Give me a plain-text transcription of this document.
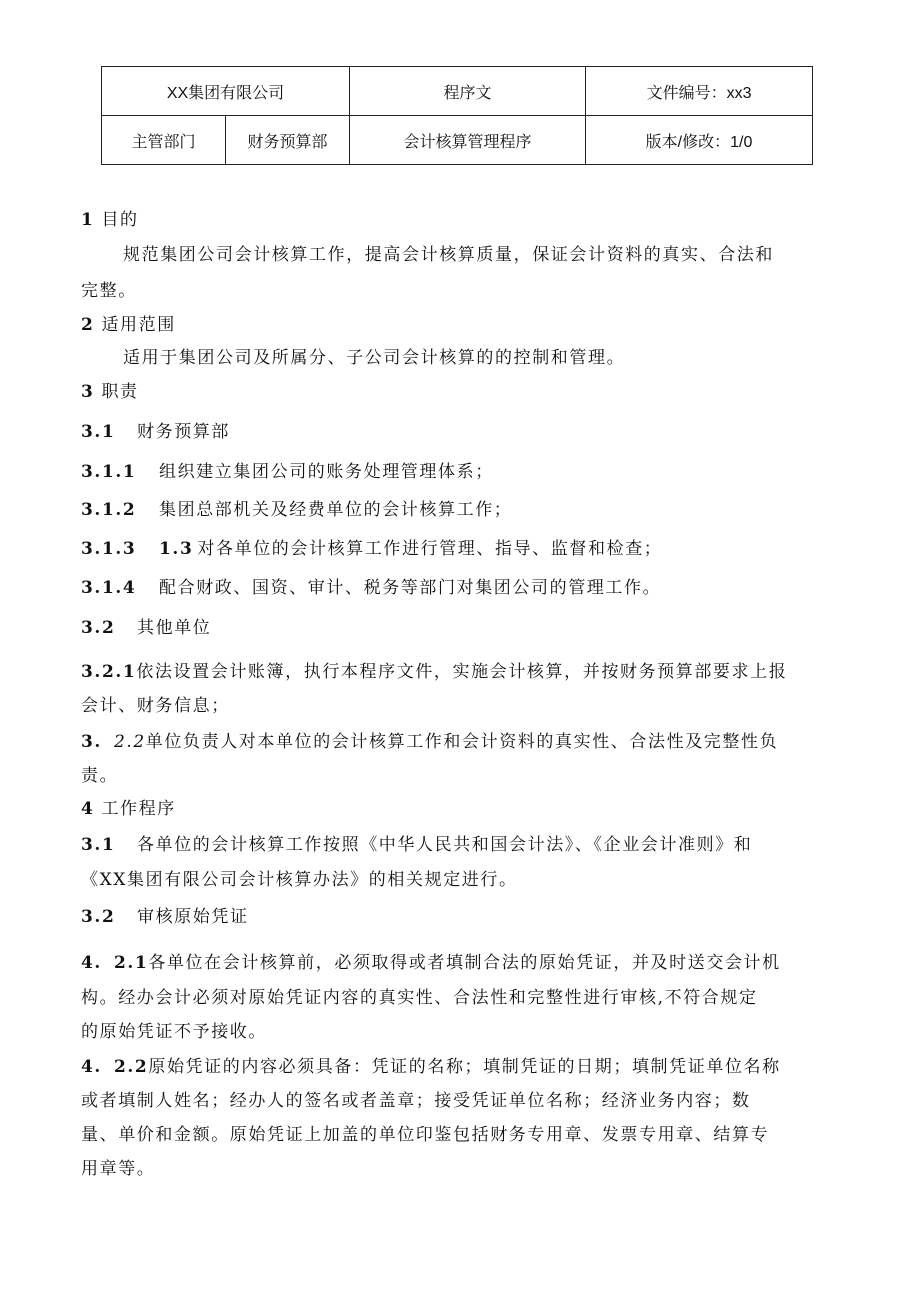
XX集团有限公司		程序文	文件编号：xx3
主管部门	财务预算部	会计核算管理程序	版本/修改：1/0
1 目的
规范集团公司会计核算工作，提高会计核算质量，保证会计资料的真实、合法和
完整。
2 适用范围
适用于集团公司及所属分、子公司会计核算的的控制和管理。
3 职责
3.1 财务预算部
3.1.1 组织建立集团公司的账务处理管理体系；
3.1.2 集团总部机关及经费单位的会计核算工作；
3.1.3 1.3 对各单位的会计核算工作进行管理、指导、监督和检查；
3.1.4 配合财政、国资、审计、税务等部门对集团公司的管理工作。
3.2 其他单位
3.2.1依法设置会计账簿，执行本程序文件，实施会计核算，并按财务预算部要求上报
会计、财务信息；
3. 2.2单位负责人对本单位的会计核算工作和会计资料的真实性、合法性及完整性负
责。
4 工作程序
3.1 各单位的会计核算工作按照《中华人民共和国会计法》、《企业会计准则》和
《XX集团有限公司会计核算办法》的相关规定进行。
3.2 审核原始凭证
4. 2.1各单位在会计核算前，必须取得或者填制合法的原始凭证，并及时送交会计机
构。经办会计必须对原始凭证内容的真实性、合法性和完整性进行审核,不符合规定
的原始凭证不予接收。
4. 2.2原始凭证的内容必须具备：凭证的名称；填制凭证的日期；填制凭证单位名称
或者填制人姓名；经办人的签名或者盖章；接受凭证单位名称；经济业务内容；数
量、单价和金额。原始凭证上加盖的单位印鉴包括财务专用章、发票专用章、结算专
用章等。
